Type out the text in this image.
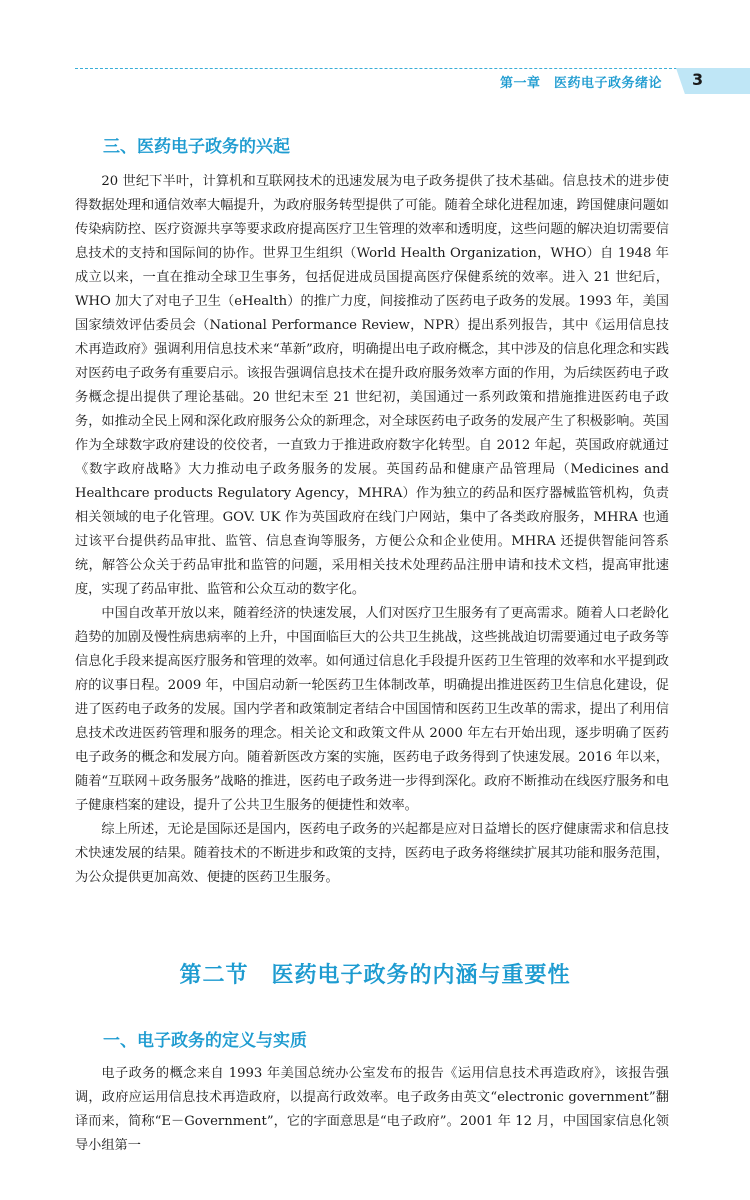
第一章　医药电子政务绪论 3
三、医药电子政务的兴起

20 世纪下半叶，计算机和互联网技术的迅速发展为电子政务提供了技术基础。信息技术的进步使得数据处理和通信效率大幅提升，为政府服务转型提供了可能。随着全球化进程加速，跨国健康问题如传染病防控、医疗资源共享等要求政府提高医疗卫生管理的效率和透明度，这些问题的解决迫切需要信息技术的支持和国际间的协作。世界卫生组织（World Health Organization，WHO）自 1948 年成立以来，一直在推动全球卫生事务，包括促进成员国提高医疗保健系统的效率。进入 21 世纪后，WHO 加大了对电子卫生（eHealth）的推广力度，间接推动了医药电子政务的发展。1993 年，美国国家绩效评估委员会（National Performance Review，NPR）提出系列报告，其中《运用信息技术再造政府》强调利用信息技术来“革新”政府，明确提出电子政府概念，其中涉及的信息化理念和实践对医药电子政务有重要启示。该报告强调信息技术在提升政府服务效率方面的作用，为后续医药电子政务概念提出提供了理论基础。20 世纪末至 21 世纪初，美国通过一系列政策和措施推进医药电子政务，如推动全民上网和深化政府服务公众的新理念，对全球医药电子政务的发展产生了积极影响。英国作为全球数字政府建设的佼佼者，一直致力于推进政府数字化转型。自 2012 年起，英国政府就通过《数字政府战略》大力推动电子政务服务的发展。英国药品和健康产品管理局（Medicines and Healthcare products Regulatory Agency，MHRA）作为独立的药品和医疗器械监管机构，负责相关领域的电子化管理。GOV. UK 作为英国政府在线门户网站，集中了各类政府服务，MHRA 也通过该平台提供药品审批、监管、信息查询等服务，方便公众和企业使用。MHRA 还提供智能问答系统，解答公众关于药品审批和监管的问题，采用相关技术处理药品注册申请和技术文档，提高审批速度，实现了药品审批、监管和公众互动的数字化。

中国自改革开放以来，随着经济的快速发展，人们对医疗卫生服务有了更高需求。随着人口老龄化趋势的加剧及慢性病患病率的上升，中国面临巨大的公共卫生挑战，这些挑战迫切需要通过电子政务等信息化手段来提高医疗服务和管理的效率。如何通过信息化手段提升医药卫生管理的效率和水平提到政府的议事日程。2009 年，中国启动新一轮医药卫生体制改革，明确提出推进医药卫生信息化建设，促进了医药电子政务的发展。国内学者和政策制定者结合中国国情和医药卫生改革的需求，提出了利用信息技术改进医药管理和服务的理念。相关论文和政策文件从 2000 年左右开始出现，逐步明确了医药电子政务的概念和发展方向。随着新医改方案的实施，医药电子政务得到了快速发展。2016 年以来，随着“互联网＋政务服务”战略的推进，医药电子政务进一步得到深化。政府不断推动在线医疗服务和电子健康档案的建设，提升了公共卫生服务的便捷性和效率。

综上所述，无论是国际还是国内，医药电子政务的兴起都是应对日益增长的医疗健康需求和信息技术快速发展的结果。随着技术的不断进步和政策的支持，医药电子政务将继续扩展其功能和服务范围，为公众提供更加高效、便捷的医药卫生服务。

第二节　医药电子政务的内涵与重要性
一、电子政务的定义与实质

电子政务的概念来自 1993 年美国总统办公室发布的报告《运用信息技术再造政府》，该报告强调，政府应运用信息技术再造政府，以提高行政效率。电子政务由英文“electronic government”翻译而来，简称“E－Government”，它的字面意思是“电子政府”。2001 年 12 月，中国国家信息化领导小组第一
